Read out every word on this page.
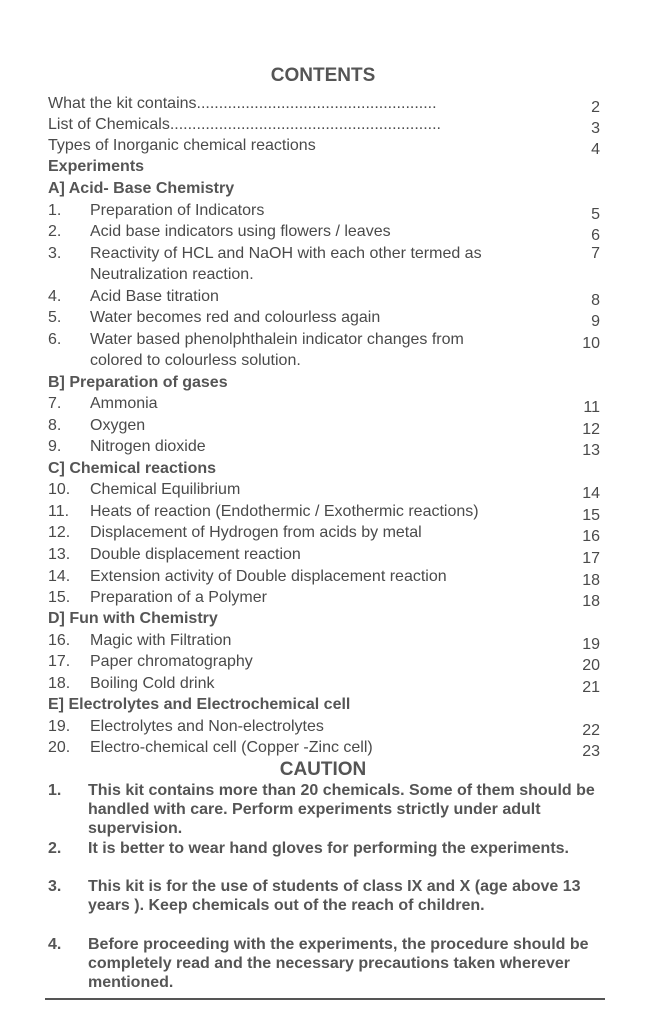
CONTENTS
What the kit contains......................................................	2
List of Chemicals.............................................................	3
Types of Inorganic chemical reactions	4
Experiments
A] Acid- Base Chemistry
1. Preparation of Indicators	5
2. Acid base indicators using flowers / leaves	6
3. Reactivity of HCL and NaOH with each other termed as	7
Neutralization reaction.
4. Acid Base titration	8
5. Water becomes red and colourless again	9
6. Water based phenolphthalein indicator changes from	10
colored to colourless solution.
B] Preparation of gases
7. Ammonia	11
8. Oxygen	12
9. Nitrogen dioxide	13
C] Chemical reactions
10. Chemical Equilibrium	14
11. Heats of reaction (Endothermic / Exothermic reactions)	15
12. Displacement of Hydrogen from acids by metal	16
13. Double displacement reaction	17
14. Extension activity of Double displacement reaction	18
15. Preparation of a Polymer	18
D] Fun with Chemistry
16. Magic with Filtration	19
17. Paper chromatography	20
18. Boiling Cold drink	21
E] Electrolytes and Electrochemical cell
19. Electrolytes and Non-electrolytes	22
20. Electro-chemical cell (Copper -Zinc cell)	23
CAUTION
1. This kit contains more than 20 chemicals. Some of them should be handled with care. Perform experiments strictly under adult supervision.
2. It is better to wear hand gloves for performing the experiments.
3. This kit is for the use of students of class IX and X (age above 13 years ). Keep chemicals out of the reach of children.
4. Before proceeding with the experiments, the procedure should be completely read and the necessary precautions taken wherever mentioned.
